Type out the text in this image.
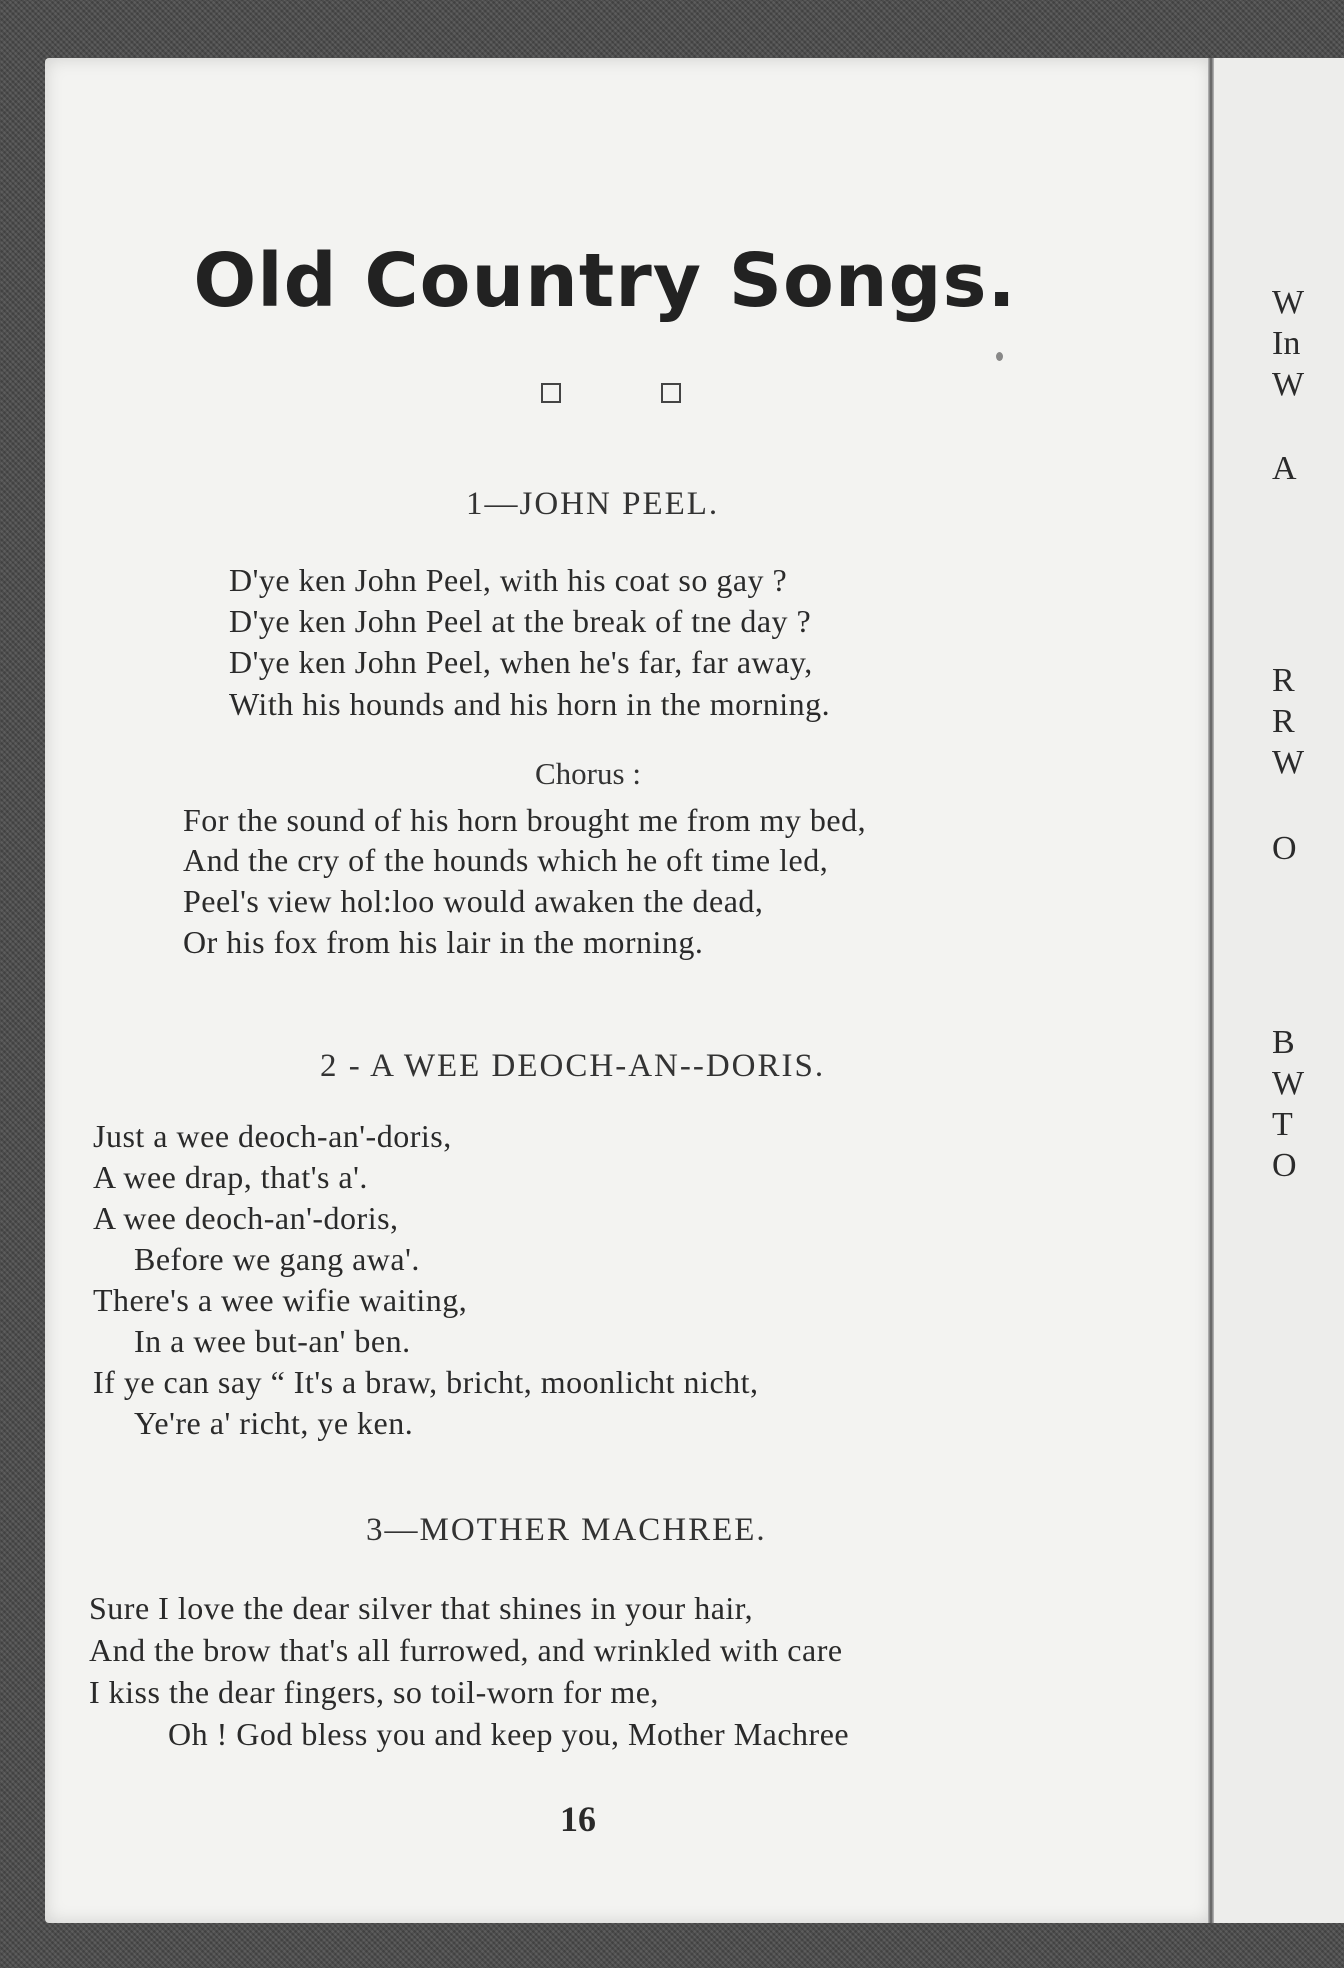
W
In
W
A
R
R
W
O
B
W
T
O
Old Country Songs.
1—JOHN PEEL.
D'ye ken John Peel, with his coat so gay ?
D'ye ken John Peel at the break of tne day ?
D'ye ken John Peel, when he's far, far away,
With his hounds and his horn in the morning.
Chorus :
For the sound of his horn brought me from my bed,
And the cry of the hounds which he oft time led,
Peel's view hol:loo would awaken the dead,
Or his fox from his lair in the morning.
2 - A WEE DEOCH-AN--DORIS.
Just a wee deoch-an'-doris,
A wee drap, that's a'.
A wee deoch-an'-doris,
Before we gang awa'.
There's a wee wifie waiting,
In a wee but-an' ben.
If ye can say “ It's a braw, bricht, moonlicht nicht,
Ye're a' richt, ye ken.
3—MOTHER MACHREE.
Sure I love the dear silver that shines in your hair,
And the brow that's all furrowed, and wrinkled with care
I kiss the dear fingers, so toil-worn for me,
Oh ! God bless you and keep you, Mother Machree
16
